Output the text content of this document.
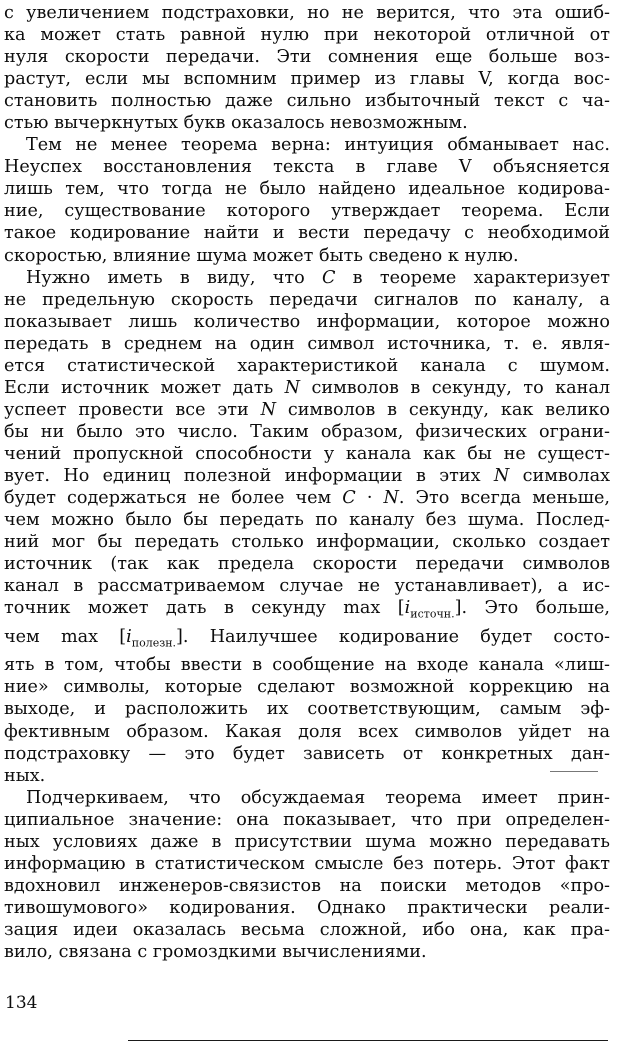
с увеличением подстраховки, но не верится, что эта ошиб-
ка может стать равной нулю при некоторой отличной от
нуля скорости передачи. Эти сомнения еще больше воз-
растут, если мы вспомним пример из главы V, когда вос-
становить полностью даже сильно избыточный текст с ча-
стью вычеркнутых букв оказалось невозможным.
Тем не менее теорема верна: интуиция обманывает нас.
Неуспех восстановления текста в главе V объясняется
лишь тем, что тогда не было найдено идеальное кодирова-
ние, существование которого утверждает теорема. Если
такое кодирование найти и вести передачу с необходимой
скоростью, влияние шума может быть сведено к нулю.
Нужно иметь в виду, что C в теореме характеризует
не предельную скорость передачи сигналов по каналу, а
показывает лишь количество информации, которое можно
передать в среднем на один символ источника, т. е. явля-
ется статистической характеристикой канала с шумом.
Если источник может дать N символов в секунду, то канал
успеет провести все эти N символов в секунду, как велико
бы ни было это число. Таким образом, физических ограни-
чений пропускной способности у канала как бы не сущест-
вует. Но единиц полезной информации в этих N символах
будет содержаться не более чем C · N. Это всегда меньше,
чем можно было бы передать по каналу без шума. Послед-
ний мог бы передать столько информации, сколько создает
источник (так как предела скорости передачи символов
канал в рассматриваемом случае не устанавливает), а ис-
точник может дать в секунду $\max [i_{источн.}]$. Это больше,
чем $\max [i_{полезн.}]$. Наилучшее кодирование будет состо-
ять в том, чтобы ввести в сообщение на входе канала «лиш-
ние» символы, которые сделают возможной коррекцию на
выходе, и расположить их соответствующим, самым эф-
фективным образом. Какая доля всех символов уйдет на
подстраховку — это будет зависеть от конкретных дан-
ных.
Подчеркиваем, что обсуждаемая теорема имеет прин-
ципиальное значение: она показывает, что при определен-
ных условиях даже в присутствии шума можно передавать
информацию в статистическом смысле без потерь. Этот факт
вдохновил инженеров-связистов на поиски методов «про-
тивошумового» кодирования. Однако практически реали-
зация идеи оказалась весьма сложной, ибо она, как пра-
вило, связана с громоздкими вычислениями.
134
